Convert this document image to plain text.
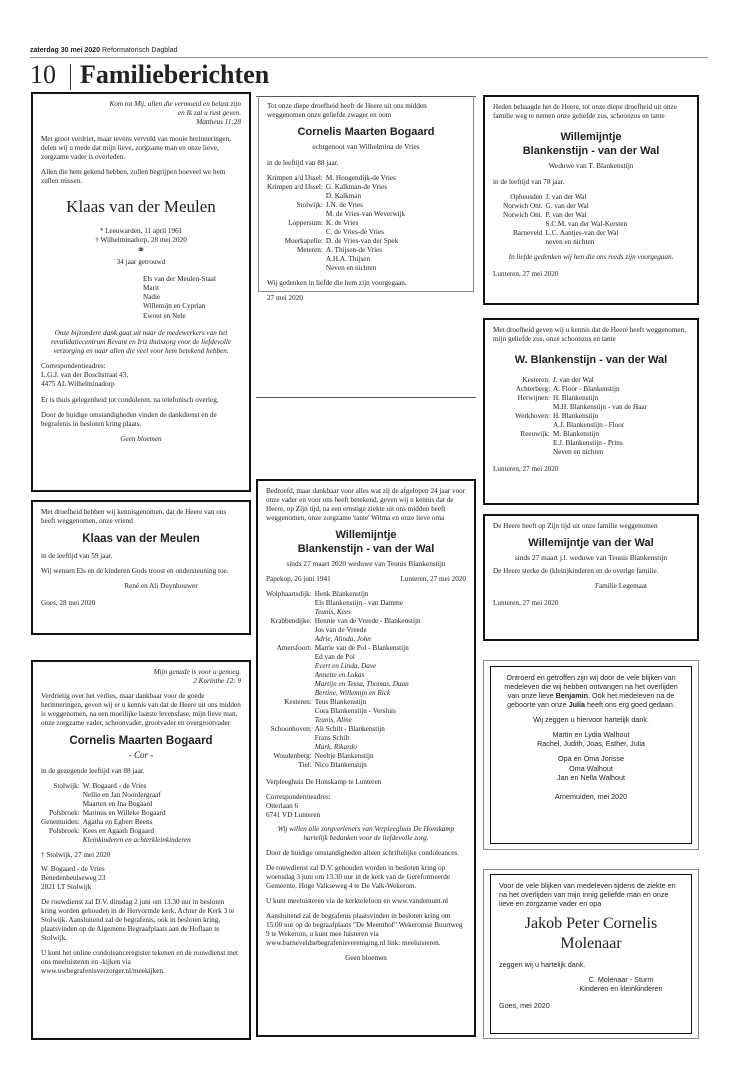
zaterdag 30 mei 2020 Reformatorisch Dagblad
10 Familieberichten
Kom tot Mij, allen die vermoeid en belast zijn
en Ik zal u rust geven.
Mattheus 11:28

Met groot verdriet, maar tevens vervuld van mooie herinneringen, delen wij u mede dat mijn lieve, zorgzame man en onze lieve, zorgzame vader is overleden.

Allen die hem gekend hebben, zullen begrijpen hoeveel we hem zullen missen.

Klaas van der Meulen
* Leeuwarden, 11 april 1961
† Wilhelminadorp, 28 mei 2020
⚭
34 jaar getrouwd
Els van der Meulen-Staal
Marit
Nadie
Willemijn en Cyprian
Ewout en Nele

Onze bijzondere dank gaat uit naar de medewerkers van het revalidatiecentrum Revant en Iriz thuiszorg voor de liefdevolle verzorging en naar allen die veel voor hem betekend hebben.

Correspondentieadres:
L.G.J. van der Boschstraat 43,
4475 AL Wilhelminadorp

Er is thuis gelegenheid tot condoleren, na telefonisch overleg.

Door de huidige omstandigheden vinden de dankdienst en de begrafenis in besloten kring plaats.

Geen bloemen

Met droefheid hebben wij kennisgenomen, dat de Heere van ons heeft weggenomen, onze vriend

Klaas van der Meulen

in de leeftijd van 59 jaar.

Wij wensen Els en de kinderen Gods troost en ondersteuning toe.

René en Ali Duynhouwer
Goes, 28 mei 2020
Mijn genade is voor u genoeg.
2 Korinthe 12: 9

Verdrietig over het verlies, maar dankbaar voor de goede herinneringen, geven wij er u kennis van dat de Heere uit ons midden is weggenomen, na een moeilijke laatste levensfase, mijn lieve man, onze zorgzame vader, schoonvader, grootvader en overgrootvader

Cornelis Maarten Bogaard
- Cor -

in de gezegende leeftijd van 88 jaar.

Stolwijk:	W. Bogaard - de Vries
	Nellie en Jan Noordergraaf
	Maarten en Ina Bogaard
Polsbroek:	Marinus en Willeke Bogaard
Genemuiden:	Agatha en Egbert Beens
Polsbroek:	Kees en Agaath Bogaard
	Kleinkinderen en achterkleinkinderen
† Stolwijk, 27 mei 2020
W. Bogaard - de Vries
Benedenheulseweg 23
2821 LT Stolwijk

De rouwdienst zal D.V. dinsdag 2 juni om 13.30 uur in besloten kring worden gehouden in de Hervormde kerk, Achter de Kerk 3 te Stolwijk. Aansluitend zal de begrafenis, ook in besloten kring, plaatsvinden op de Algemene Begraafplaats aan de Hoflaan te Stolwijk.

U kunt het online condoleanceregister tekenen en de rouwdienst met ons meeluisteren en -kijken via www.uwbegrafenisverzorger.nl/meekijken.

Tot onze diepe droefheid heeft de Heere uit ons midden weggenomen onze geliefde zwager en oom

Cornelis Maarten Bogaard
echtgenoot van Wilhelmina de Vries

in de leeftijd van 88 jaar.

Krimpen a/d IJssel:	M. Hoogendijk-de Vries
Krimpen a/d IJssel:	G. Kalkman-de Vries
	D. Kalkman
Stolwijk:	J.N. de Vries
	M. de Vries-van Weverwijk
Loppersum:	K. de Vries
	C. de Vries-de Vries
Moerkapelle:	D. de Vries-van der Spek
Meteren:	A. Thijsen-de Vries
	A.H.A. Thijsen
	Neven en nichten

Wij gedenken in liefde die hem zijn voorgegaan.

27 mei 2020

Bedroefd, maar dankbaar voor alles wat zij de afgelopen 24 jaar voor onze vader en voor ons heeft betekend, geven wij u kennis dat de Heere, op Zijn tijd, na een ernstige ziekte uit ons midden heeft weggenomen, onze zorgzame 'tante' Wilma en onze lieve oma

Willemijntje
Blankenstijn - van der Wal
sinds 27 maart 2020 weduwe van Teunis Blankenstijn
Papekop, 26 juni 1941	Lunteren, 27 mei 2020
Wolphaartsdijk:	Henk Blankenstijn
	Els Blankenstijn - van Damme
	Teunis, Kees
Krabbendijke:	Hennie van de Vreede - Blankenstijn
	Jos van de Vreede
	Adrie, Alinda, John
Amersfoort:	Marrie van de Pol - Blankenstijn
	Ed van de Pol
	Evert en Linda, Dave
	Annette en Lukas
	Martijn en Tessa, Thomas, Daan
	Bertine, Willemijn en Rick
Kesteren:	Teus Blankenstijn
	Cora Blankenstijn - Versluis
	Teunis, Aline
Schoonhoven:	Ali Schilt - Blankenstijn
	Frans Schilt
	Mark, Rikardo
Woudenberg:	Neeltje Blankenstijn
Tiel:	Nico Blankenstijn

Verpleeghuis De Honskamp te Lunteren

Correspondentieadres:
Otterlaan 6
6741 VD Lunteren

Wij willen alle zorgverleners van Verpleeghuis De Honskamp hartelijk bedanken voor de liefdevolle zorg.

Door de huidige omstandigheden alleen schriftelijke condoleances.

De rouwdienst zal D.V. gehouden worden in besloten kring op woensdag 3 juni om 13.30 uur in de kerk van de Gereformeerde Gemeente, Hoge Valkseweg 4 te De Valk-Wekerom.

U kunt meeluisteren via de kerktelefoon en www.vandemunt.nl

Aansluitend zal de begrafenis plaatsvinden in besloten kring om 15.00 uur op de begraafplaats "De Meenthof" Wekeromse Buurtweg 9 te Wekerom, u kunt mee luisteren via www.barneveldsebegrafenisvereniging.nl link: meeluisteren.

Geen bloemen

Heden behaagde het de Heere, tot onze diepe droefheid uit onze familie weg te nemen onze geliefde zus, schoonzus en tante

Willemijntje
Blankenstijn - van der Wal
Weduwe van T. Blankenstijn

in de leeftijd van 78 jaar.

Opheusden	J. van der Wal
Norwich Ont.	G. van der Wal
Norwich Ont.	P. van der Wal
	S.C.M. van der Wal-Kersten
Barneveld	L.C. Aantjes-van der Wal
	neven en nichten

In liefde gedenken wij hen die ons reeds zijn voorgegaan.

Lunteren, 27 mei 2020

Met droefheid geven wij u kennis dat de Heere heeft weggenomen, mijn geliefde zus, onze schoonzus en tante

W. Blankenstijn - van der Wal
Kesteren:	J. van der Wal
Achterberg:	A. Floor - Blankenstijn
Herwijnen:	H. Blankenstijn
	M.H. Blankenstijn - van de Haar
Werkhoven:	H. Blankenstijn
	A.J. Blankenstijn - Floor
Reeuwijk:	M. Blankenstijn
	E.J. Blankenstijn - Prins
	Neven en nichten
Lunteren, 27 mei 2020

De Heere heeft op Zijn tijd uit onze familie weggenomen

Willemijntje van der Wal
sinds 27 maart j.l. weduwe van Teunis Blankenstijn

De Heere sterke de (klein)kinderen en de overige familie.

Familie Legemaat
Lunteren, 27 mei 2020

Ontroerd en getroffen zijn wij door de vele blijken van medeleven die wij hebben ontvangen na het overlijden van onze lieve Benjamin. Ook het medeleven na de geboorte van onze Julia heeft ons erg goed gedaan.

Wij zeggen u hiervoor hartelijk dank.

Martin en Lydia Walhout
Rachel, Judith, Joas, Esther, Julia
Opa en Oma Jorisse
Oma Walhout
Jan en Nella Walhout
Arnemuiden, mei 2020

Voor de vele blijken van medeleven tijdens de ziekte en na het overlijden van mijn innig geliefde man en onze lieve en zorgzame vader en opa

Jakob Peter Cornelis
Molenaar

zeggen wij u hartelijk dank.

C. Molenaar - Sturm
Kinderen en kleinkinderen
Goes, mei 2020
